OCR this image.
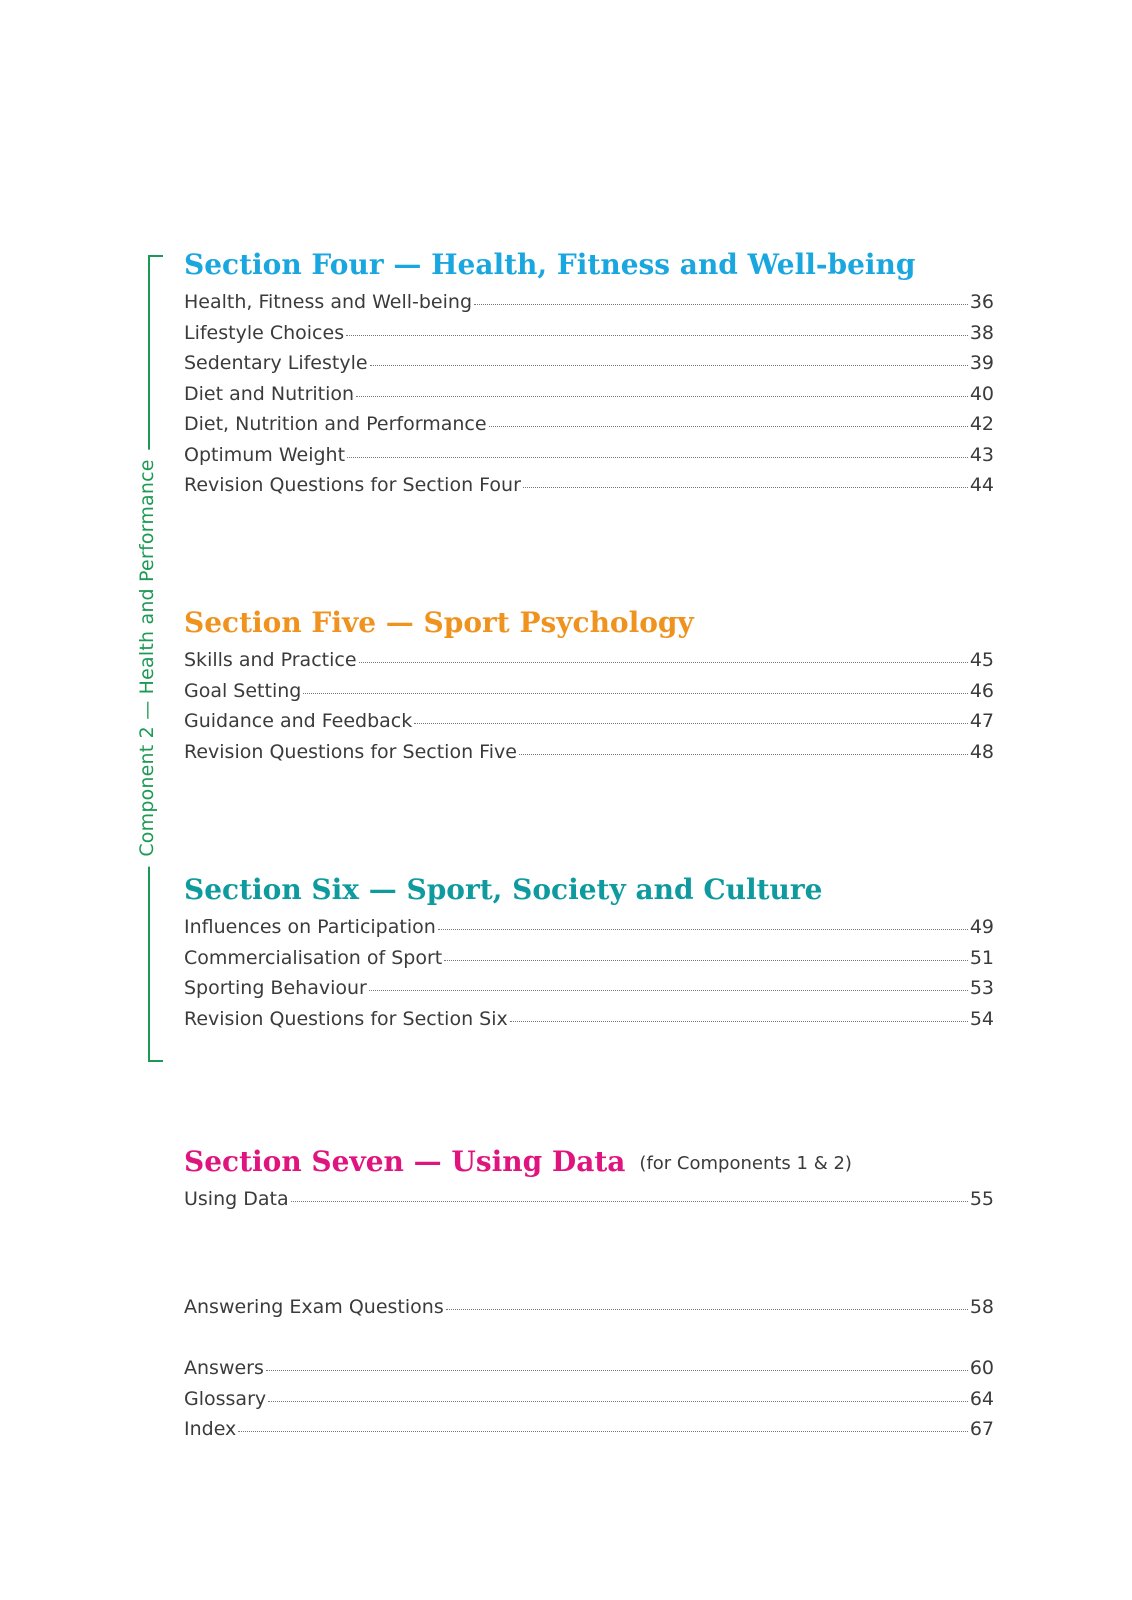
Component 2 — Health and Performance
Section Four — Health, Fitness and Well-being
Health, Fitness and Well-being	36
Lifestyle Choices	38
Sedentary Lifestyle	39
Diet and Nutrition	40
Diet, Nutrition and Performance	42
Optimum Weight	43
Revision Questions for Section Four	44
Section Five — Sport Psychology
Skills and Practice	45
Goal Setting	46
Guidance and Feedback	47
Revision Questions for Section Five	48
Section Six — Sport, Society and Culture
Influences on Participation	49
Commercialisation of Sport	51
Sporting Behaviour	53
Revision Questions for Section Six	54
Section Seven — Using Data (for Components 1 & 2)
Using Data	55
Answering Exam Questions	58
Answers	60
Glossary	64
Index	67
